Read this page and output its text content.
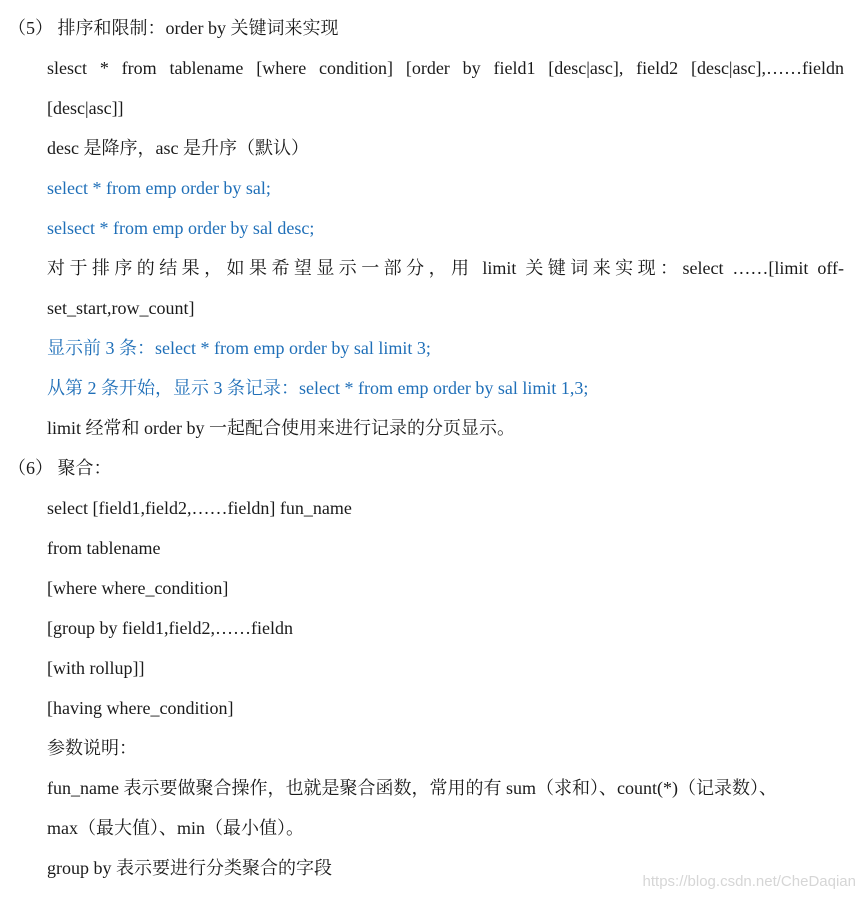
（5） 排序和限制：order by 关键词来实现
slesct * from tablename [where condition] [order by field1 [desc|asc], field2 [desc|asc],……fieldn
[desc|asc]]
desc 是降序，asc 是升序（默认）
select * from emp order by sal;
selsect * from emp order by sal desc;
对于排序的结果，如果希望显示一部分，用 limit 关键词来实现：select ……[limit off-
set_start,row_count]
显示前 3 条：select * from emp order by sal limit 3;
从第 2 条开始，显示 3 条记录：select * from emp order by sal limit 1,3;
limit 经常和 order by 一起配合使用来进行记录的分页显示。
（6） 聚合：
select [field1,field2,……fieldn] fun_name
from tablename
[where where_condition]
[group by field1,field2,……fieldn
[with rollup]]
[having where_condition]
参数说明：
fun_name 表示要做聚合操作，也就是聚合函数，常用的有 sum（求和）、count(*)（记录数）、
max（最大值）、min（最小值）。
group by 表示要进行分类聚合的字段
https://blog.csdn.net/CheDaqian
